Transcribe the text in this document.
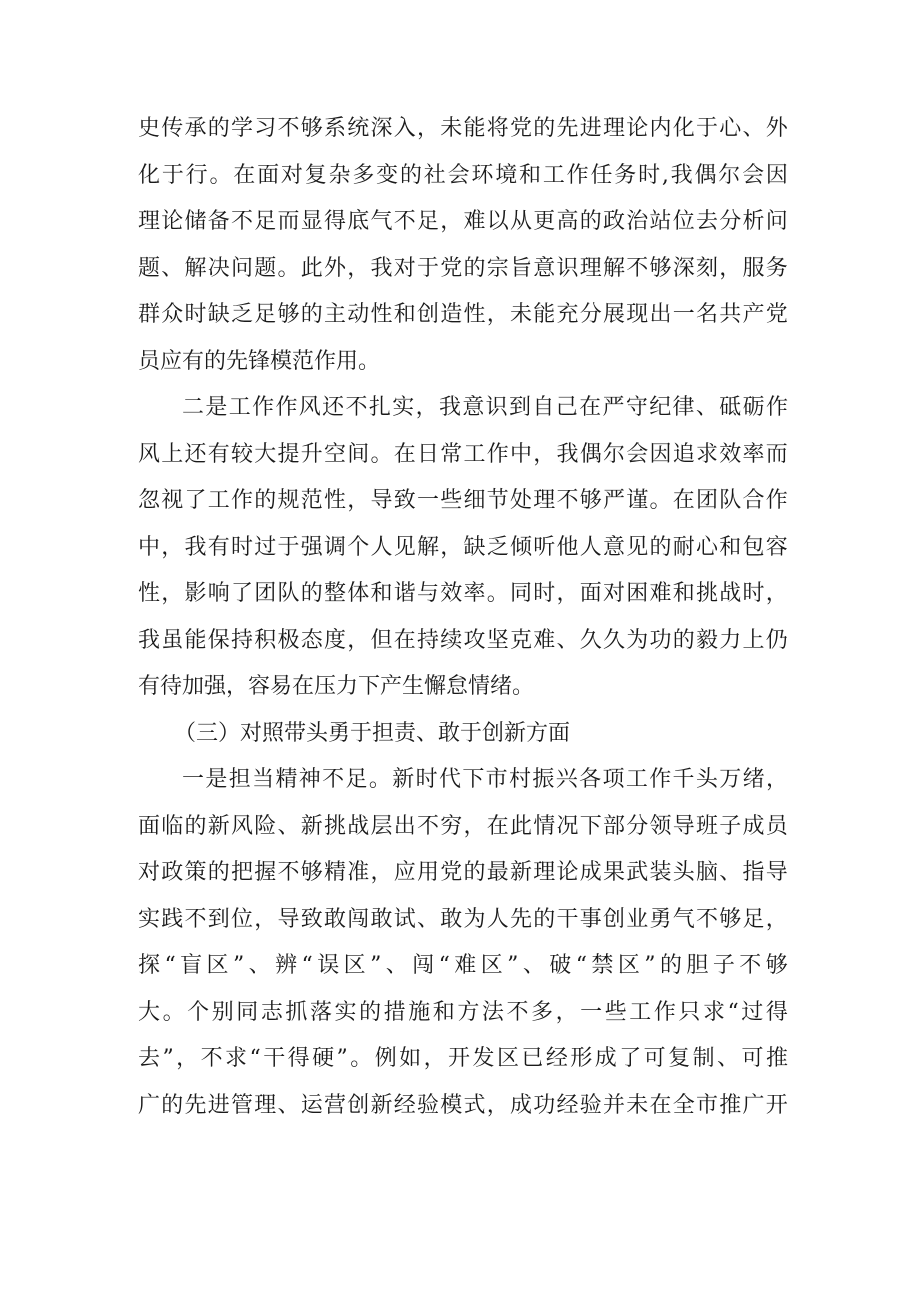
史 传 承 的 学 习 不 够 系 统 深 入 ， 未 能 将 党 的 先 进 理 论 内 化 于 心 、 外
化 于 行 。 在 面 对 复 杂 多 变 的 社 会 环 境 和 工 作 任 务 时 , 我 偶 尔 会 因
理 论 储 备 不 足 而 显 得 底 气 不 足 ， 难 以 从 更 高 的 政 治 站 位 去 分 析 问
题 、 解 决 问 题 。 此 外 ， 我 对 于 党 的 宗 旨 意 识 理 解 不 够 深 刻 ， 服 务
群 众 时 缺 乏 足 够 的 主 动 性 和 创 造 性 ， 未 能 充 分 展 现 出 一 名 共 产 党
员应有的先锋模范作用。
二 是 工 作 作 风 还 不 扎 实 ， 我 意 识 到 自 己 在 严 守 纪 律 、 砥 砺 作
风 上 还 有 较 大 提 升 空 间 。 在 日 常 工 作 中 ， 我 偶 尔 会 因 追 求 效 率 而
忽 视 了 工 作 的 规 范 性 ， 导 致 一 些 细 节 处 理 不 够 严 谨 。 在 团 队 合 作
中 ， 我 有 时 过 于 强 调 个 人 见 解 ， 缺 乏 倾 听 他 人 意 见 的 耐 心 和 包 容
性 ， 影 响 了 团 队 的 整 体 和 谐 与 效 率 。 同 时 ， 面 对 困 难 和 挑 战 时 ，
我 虽 能 保 持 积 极 态 度 ， 但 在 持 续 攻 坚 克 难 、 久 久 为 功 的 毅 力 上 仍
有待加强，容易在压力下产生懈怠情绪。
（三）对照带头勇于担责、敢于创新方面
一 是 担 当 精 神 不 足 。 新 时 代 下 市 村 振 兴 各 项 工 作 千 头 万 绪 ，
面 临 的 新 风 险 、 新 挑 战 层 出 不 穷 ， 在 此 情 况 下 部 分 领 导 班 子 成 员
对 政 策 的 把 握 不 够 精 准 ， 应 用 党 的 最 新 理 论 成 果 武 装 头 脑 、 指 导
实 践 不 到 位 ， 导 致 敢 闯 敢 试 、 敢 为 人 先 的 干 事 创 业 勇 气 不 够 足 ，
探 “ 盲 区 ” 、 辨 “ 误 区 ” 、 闯 “ 难 区 ” 、 破 “ 禁 区 ” 的 胆 子 不 够
大 。 个 别 同 志 抓 落 实 的 措 施 和 方 法 不 多 ， 一 些 工 作 只 求 “ 过 得
去 ” ， 不 求 “ 干 得 硬 ” 。 例 如 ， 开 发 区 已 经 形 成 了 可 复 制 、 可 推
广 的 先 进 管 理 、 运 营 创 新 经 验 模 式 ， 成 功 经 验 并 未 在 全 市 推 广 开
